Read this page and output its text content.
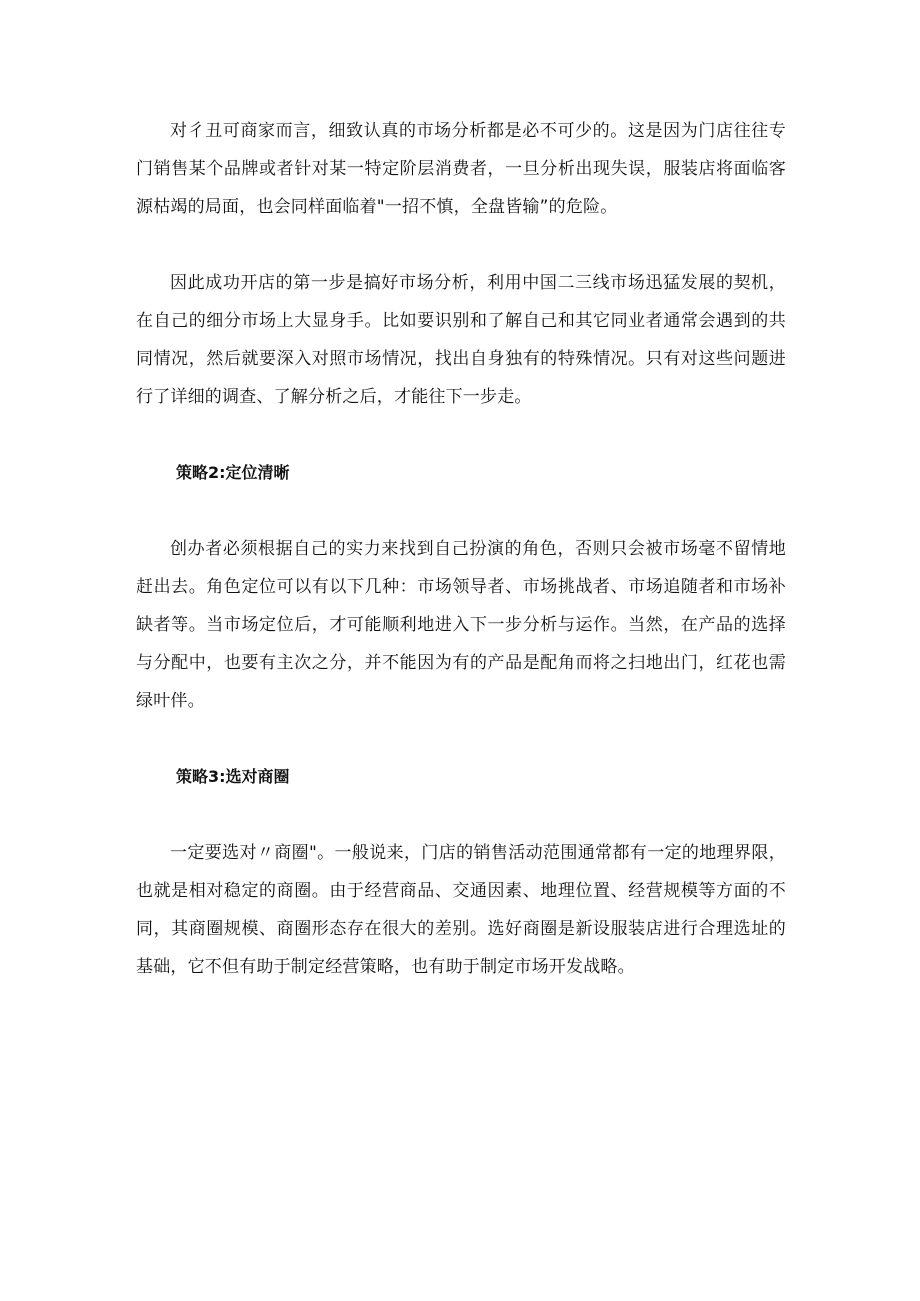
对彳丑可商家而言，细致认真的市场分析都是必不可少的。这是因为门店往往专门销售某个品牌或者针对某一特定阶层消费者，一旦分析出现失误，服装店将面临客源枯竭的局面，也会同样面临着"一招不慎，全盘皆输”的危险。

因此成功开店的第一步是搞好市场分析，利用中国二三线市场迅猛发展的契机，在自己的细分市场上大显身手。比如要识别和了解自己和其它同业者通常会遇到的共同情况，然后就要深入对照市场情况，找出自身独有的特殊情况。只有对这些问题进行了详细的调查、了解分析之后，才能往下一步走。

策略2:定位清晰

创办者必须根据自己的实力来找到自己扮演的角色，否则只会被市场毫不留情地赶出去。角色定位可以有以下几种：市场领导者、市场挑战者、市场追随者和市场补缺者等。当市场定位后，才可能顺利地进入下一步分析与运作。当然，在产品的选择与分配中，也要有主次之分，并不能因为有的产品是配角而将之扫地出门，红花也需绿叶伴。

策略3:选对商圈

一定要选对〃商圈"。一般说来，门店的销售活动范围通常都有一定的地理界限，也就是相对稳定的商圈。由于经营商品、交通因素、地理位置、经营规模等方面的不同，其商圈规模、商圈形态存在很大的差别。选好商圈是新设服装店进行合理选址的基础，它不但有助于制定经营策略，也有助于制定市场开发战略。
